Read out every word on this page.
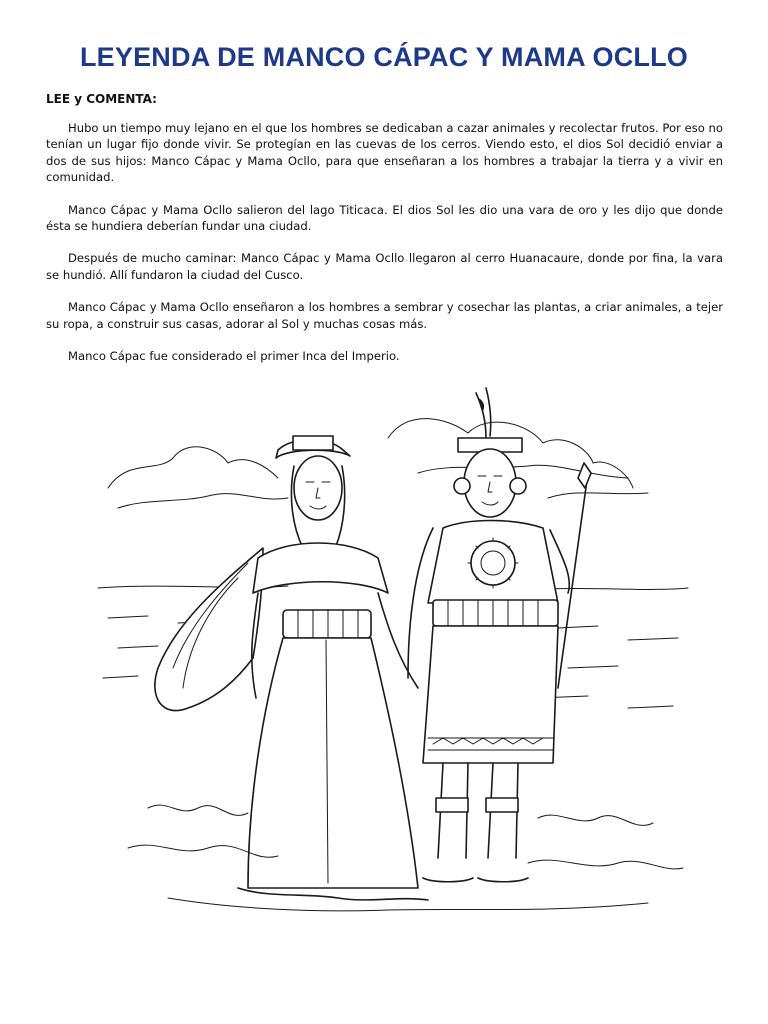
LEYENDA DE MANCO CÁPAC Y MAMA OCLLO

LEE y COMENTA:

Hubo un tiempo muy lejano en el que los hombres se dedicaban a cazar animales y recolectar frutos. Por eso no tenían un lugar fijo donde vivir. Se protegían en las cuevas de los cerros. Viendo esto, el dios Sol decidió enviar a dos de sus hijos: Manco Cápac y Mama Ocllo, para que enseñaran a los hombres a trabajar la tierra y a vivir en comunidad.

Manco Cápac y Mama Ocllo salieron del lago Titicaca. El dios Sol les dio una vara de oro y les dijo que donde ésta se hundiera deberían fundar una ciudad.

Después de mucho caminar: Manco Cápac y Mama Ocllo llegaron al cerro Huanacaure, donde por fina, la vara se hundió. Allí fundaron la ciudad del Cusco.

Manco Cápac y Mama Ocllo enseñaron a los hombres a sembrar y cosechar las plantas, a criar animales, a tejer su ropa, a construir sus casas, adorar al Sol y muchas cosas más.

Manco Cápac fue considerado el primer Inca del Imperio.
